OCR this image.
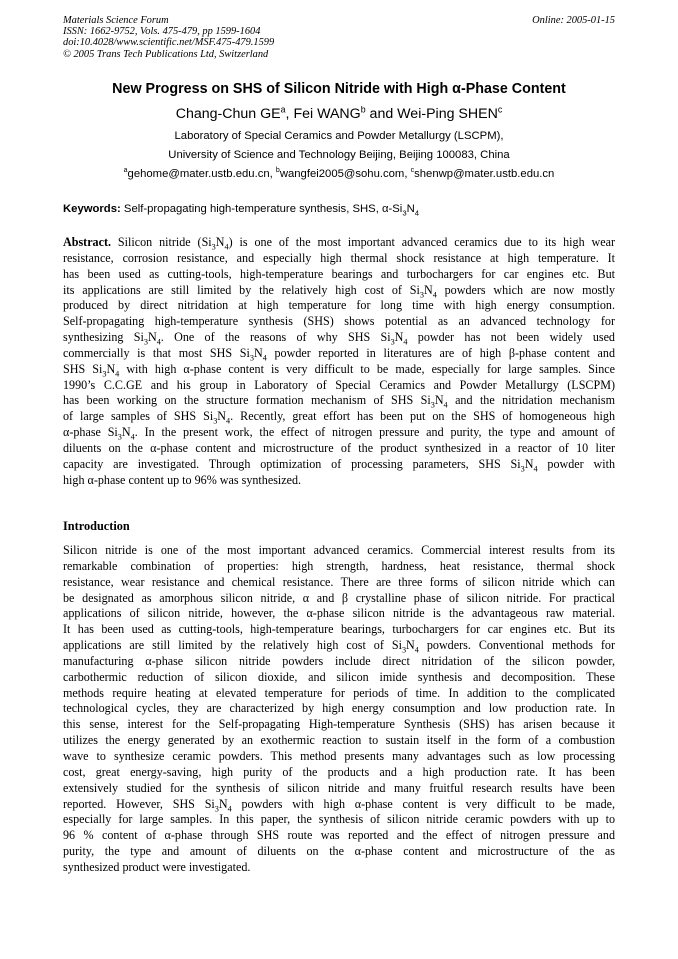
Materials Science Forum
ISSN: 1662-9752, Vols. 475-479, pp 1599-1604
doi:10.4028/www.scientific.net/MSF.475-479.1599
© 2005 Trans Tech Publications Ltd, Switzerland
Online: 2005-01-15
New Progress on SHS of Silicon Nitride with High α-Phase Content
Chang-Chun $GE^a$, Fei WANG$^b$ and Wei-Ping SHEN$^c$
Laboratory of Special Ceramics and Powder Metallurgy (LSCPM),
University of Science and Technology Beijing, Beijing 100083, China
$^a$gehome@mater.ustb.edu.cn, $^b$wangfei2005@sohu.com, $^c$shenwp@mater.ustb.edu.cn
Keywords: Self-propagating high-temperature synthesis, SHS, $\alpha-Si_3N_4$
Abstract. Silicon nitride $(Si_3N_4)$ is one of the most important advanced ceramics due to its high wear
resistance, corrosion resistance, and especially high thermal shock resistance at high temperature. It
has been used as cutting-tools, high-temperature bearings and turbochargers for car engines etc. But
its applications are still limited by the relatively high cost of $Si_3N_4$ powders which are now mostly
produced by direct nitridation at high temperature for long time with high energy consumption.
Self-propagating high-temperature synthesis (SHS) shows potential as an advanced technology for
synthesizing $Si_3N_4$. One of the reasons of why SHS $Si_3N_4$ powder has not been widely used
commercially is that most SHS $Si_3N_4$ powder reported in literatures are of high β-phase content and
SHS $Si_3N_4$ with high α-phase content is very difficult to be made, especially for large samples. Since
1990’s C.C.GE and his group in Laboratory of Special Ceramics and Powder Metallurgy (LSCPM)
has been working on the structure formation mechanism of SHS $Si_3N_4$ and the nitridation mechanism
of large samples of SHS $Si_3N_4$. Recently, great effort has been put on the SHS of homogeneous high
α-phase $Si_3N_4$. In the present work, the effect of nitrogen pressure and purity, the type and amount of
diluents on the α-phase content and microstructure of the product synthesized in a reactor of 10 liter
capacity are investigated. Through optimization of processing parameters, SHS $Si_3N_4$ powder with
high α-phase content up to 96% was synthesized.
Introduction
Silicon nitride is one of the most important advanced ceramics. Commercial interest results from its
remarkable combination of properties: high strength, hardness, heat resistance, thermal shock
resistance, wear resistance and chemical resistance. There are three forms of silicon nitride which can
be designated as amorphous silicon nitride, α and β crystalline phase of silicon nitride. For practical
applications of silicon nitride, however, the α-phase silicon nitride is the advantageous raw material.
It has been used as cutting-tools, high-temperature bearings, turbochargers for car engines etc. But its
applications are still limited by the relatively high cost of $Si_3N_4$ powders. Conventional methods for
manufacturing α-phase silicon nitride powders include direct nitridation of the silicon powder,
carbothermic reduction of silicon dioxide, and silicon imide synthesis and decomposition. These
methods require heating at elevated temperature for periods of time. In addition to the complicated
technological cycles, they are characterized by high energy consumption and low production rate. In
this sense, interest for the Self-propagating High-temperature Synthesis (SHS) has arisen because it
utilizes the energy generated by an exothermic reaction to sustain itself in the form of a combustion
wave to synthesize ceramic powders. This method presents many advantages such as low processing
cost, great energy-saving, high purity of the products and a high production rate. It has been
extensively studied for the synthesis of silicon nitride and many fruitful research results have been
reported. However, SHS $Si_3N_4$ powders with high α-phase content is very difficult to be made,
especially for large samples. In this paper, the synthesis of silicon nitride ceramic powders with up to
96 % content of α-phase through SHS route was reported and the effect of nitrogen pressure and
purity, the type and amount of diluents on the α-phase content and microstructure of the as
synthesized product were investigated.
